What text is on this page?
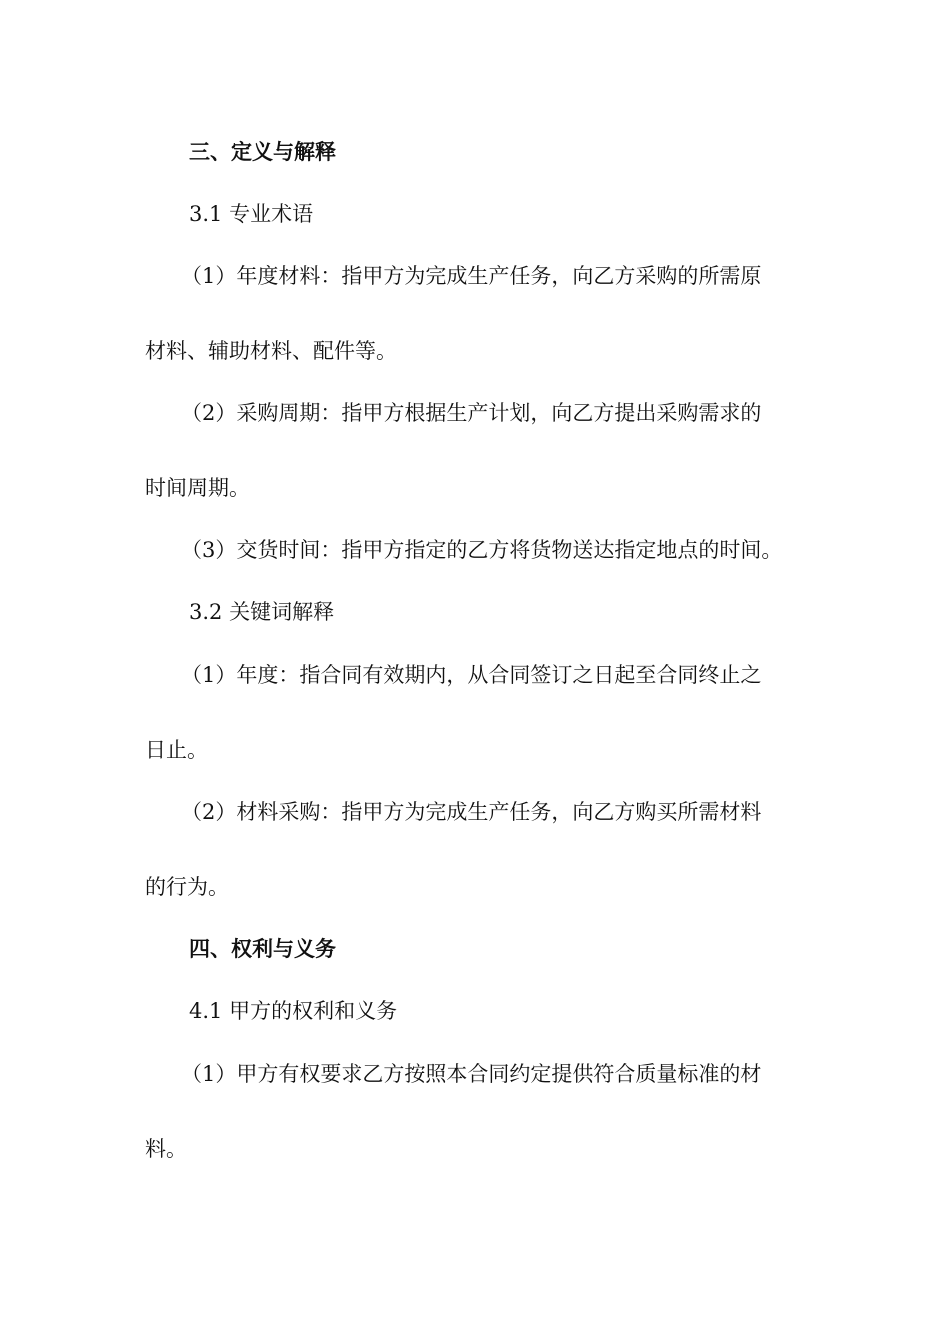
三、定义与解释
3.1 专业术语
（1）年度材料：指甲方为完成生产任务，向乙方采购的所需原
材料、辅助材料、配件等。
（2）采购周期：指甲方根据生产计划，向乙方提出采购需求的
时间周期。
（3）交货时间：指甲方指定的乙方将货物送达指定地点的时间。
3.2 关键词解释
（1）年度：指合同有效期内，从合同签订之日起至合同终止之
日止。
（2）材料采购：指甲方为完成生产任务，向乙方购买所需材料
的行为。
四、权利与义务
4.1 甲方的权利和义务
（1）甲方有权要求乙方按照本合同约定提供符合质量标准的材
料。
